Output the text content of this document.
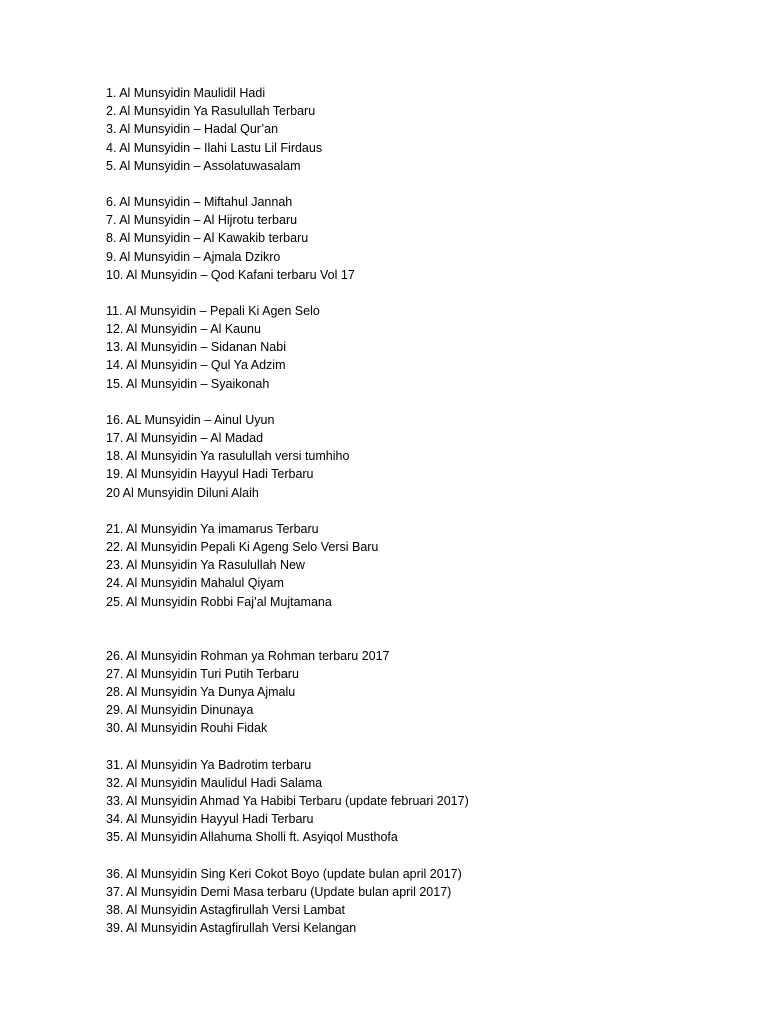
1. Al Munsyidin Maulidil Hadi
2. Al Munsyidin Ya Rasulullah Terbaru
3. Al Munsyidin – Hadal Qur’an
4. Al Munsyidin – Ilahi Lastu Lil Firdaus
5. Al Munsyidin – Assolatuwasalam
6. Al Munsyidin – Miftahul Jannah
7. Al Munsyidin – Al Hijrotu terbaru
8. Al Munsyidin – Al Kawakib terbaru
9. Al Munsyidin – Ajmala Dzikro
10. Al Munsyidin – Qod Kafani terbaru Vol 17
11. Al Munsyidin – Pepali Ki Agen Selo
12. Al Munsyidin – Al Kaunu
13. Al Munsyidin – Sidanan Nabi
14. Al Munsyidin – Qul Ya Adzim
15. Al Munsyidin – Syaikonah
16. AL Munsyidin – Ainul Uyun
17. Al Munsyidin – Al Madad
18. Al Munsyidin Ya rasulullah versi tumhiho
19. Al Munsyidin Hayyul Hadi Terbaru
20 Al Munsyidin Diluni Alaih
21. Al Munsyidin Ya imamarus Terbaru
22. Al Munsyidin Pepali Ki Ageng Selo Versi Baru
23. Al Munsyidin Ya Rasulullah New
24. Al Munsyidin Mahalul Qiyam
25. Al Munsyidin Robbi Faj’al Mujtamana
26. Al Munsyidin Rohman ya Rohman terbaru 2017
27. Al Munsyidin Turi Putih Terbaru
28. Al Munsyidin Ya Dunya Ajmalu
29. Al Munsyidin Dinunaya
30. Al Munsyidin Rouhi Fidak
31. Al Munsyidin Ya Badrotim terbaru
32. Al Munsyidin Maulidul Hadi Salama
33. Al Munsyidin Ahmad Ya Habibi Terbaru (update februari 2017)
34. Al Munsyidin Hayyul Hadi Terbaru
35. Al Munsyidin Allahuma Sholli ft. Asyiqol Musthofa
36. Al Munsyidin Sing Keri Cokot Boyo (update bulan april 2017)
37. Al Munsyidin Demi Masa terbaru (Update bulan april 2017)
38. Al Munsyidin Astagfirullah Versi Lambat
39. Al Munsyidin Astagfirullah Versi Kelangan
